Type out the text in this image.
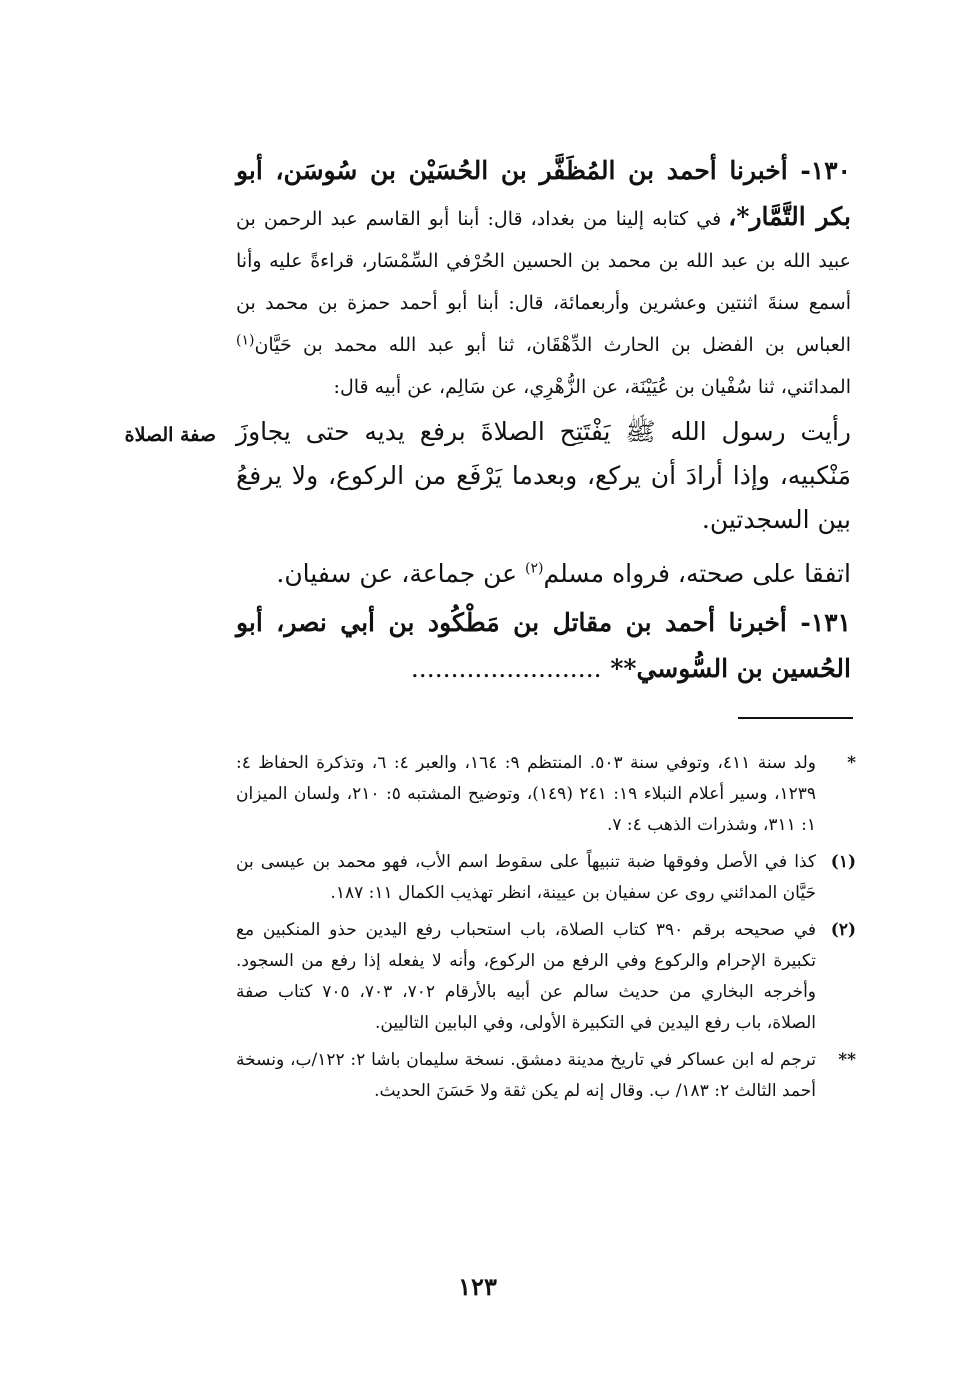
١٣٠- أخبرنا أحمد بن المُظَفَّر بن الحُسَيْن بن سُوسَن، أبو بكر التَّمَّار*، في كتابه إلينا من بغداد، قال: أبنا أبو القاسم عبد الرحمن بن عبيد الله بن عبد الله بن محمد بن الحسين الحُرْفي السِّمْسَار، قراءةً عليه وأنا أسمع سنةَ اثنتين وعشرين وأربعمائة، قال: أبنا أبو أحمد حمزة بن محمد بن العباس بن الفضل بن الحارث الدِّهْقَان، ثنا أبو عبد الله محمد بن حَيَّان$^{(١)}$ المدائني، ثنا سُفْيان بن عُيَيْنَة، عن الزُّهْرِي، عن سَالِم، عن أبيه قال:
رأيت رسول الله ﷺ يَفْتَتِح الصلاةَ برفع يديه حتى يجاوزَ مَنْكبيه، وإذا أرادَ أن يركع، وبعدما يَرْفَع من الركوع، ولا يرفعُ بين السجدتين.
اتفقا على صحته، فرواه مسلم$^{(٢)}$ عن جماعة، عن سفيان.
١٣١- أخبرنا أحمد بن مقاتل بن مَطْكُود بن أبي نصر، أبو الحُسين بن السُّوسي** ........................
صفة الصلاة
*
ولد سنة ٤١١، وتوفي سنة ٥٠٣. المنتظم ٩: ١٦٤، والعبر ٤: ٦، وتذكرة الحفاظ ٤: ١٢٣٩، وسير أعلام النبلاء ١٩: ٢٤١ (١٤٩)، وتوضيح المشتبه ٥: ٢١٠، ولسان الميزان ١: ٣١١، وشذرات الذهب ٤: ٧.
(١)
كذا في الأصل وفوقها ضبة تنبيهاً على سقوط اسم الأب، فهو محمد بن عيسى بن حَيَّان المدائني روى عن سفيان بن عيينة، انظر تهذيب الكمال ١١: ١٨٧.
(٢)
في صحيحه برقم ٣٩٠ كتاب الصلاة، باب استحباب رفع اليدين حذو المنكبين مع تكبيرة الإحرام والركوع وفي الرفع من الركوع، وأنه لا يفعله إذا رفع من السجود. وأخرجه البخاري من حديث سالم عن أبيه بالأرقام ٧٠٢، ٧٠٣، ٧٠٥ كتاب صفة الصلاة، باب رفع اليدين في التكبيرة الأولى، وفي البابين التاليين.
**
ترجم له ابن عساكر في تاريخ مدينة دمشق. نسخة سليمان باشا ٢: ١٢٢/ب، ونسخة أحمد الثالث ٢: ١٨٣/ ب. وقال إنه لم يكن ثقة ولا حَسَنَ الحديث.
١٢٣
